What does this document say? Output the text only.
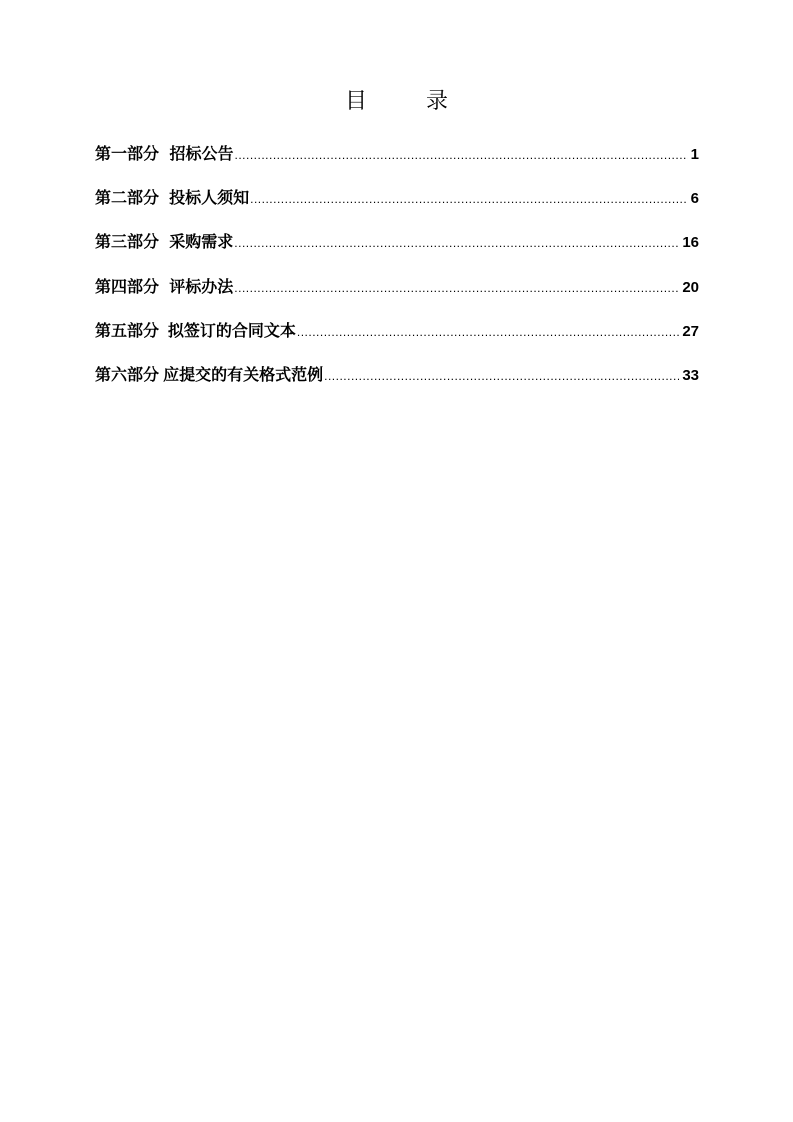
目 录
第一部分 招标公告 .....	1
第二部分 投标人须知 .....	6
第三部分 采购需求 .....	16
第四部分 评标办法 .....	20
第五部分 拟签订的合同文本 .....	27
第六部分 应提交的有关格式范例 .....	33
